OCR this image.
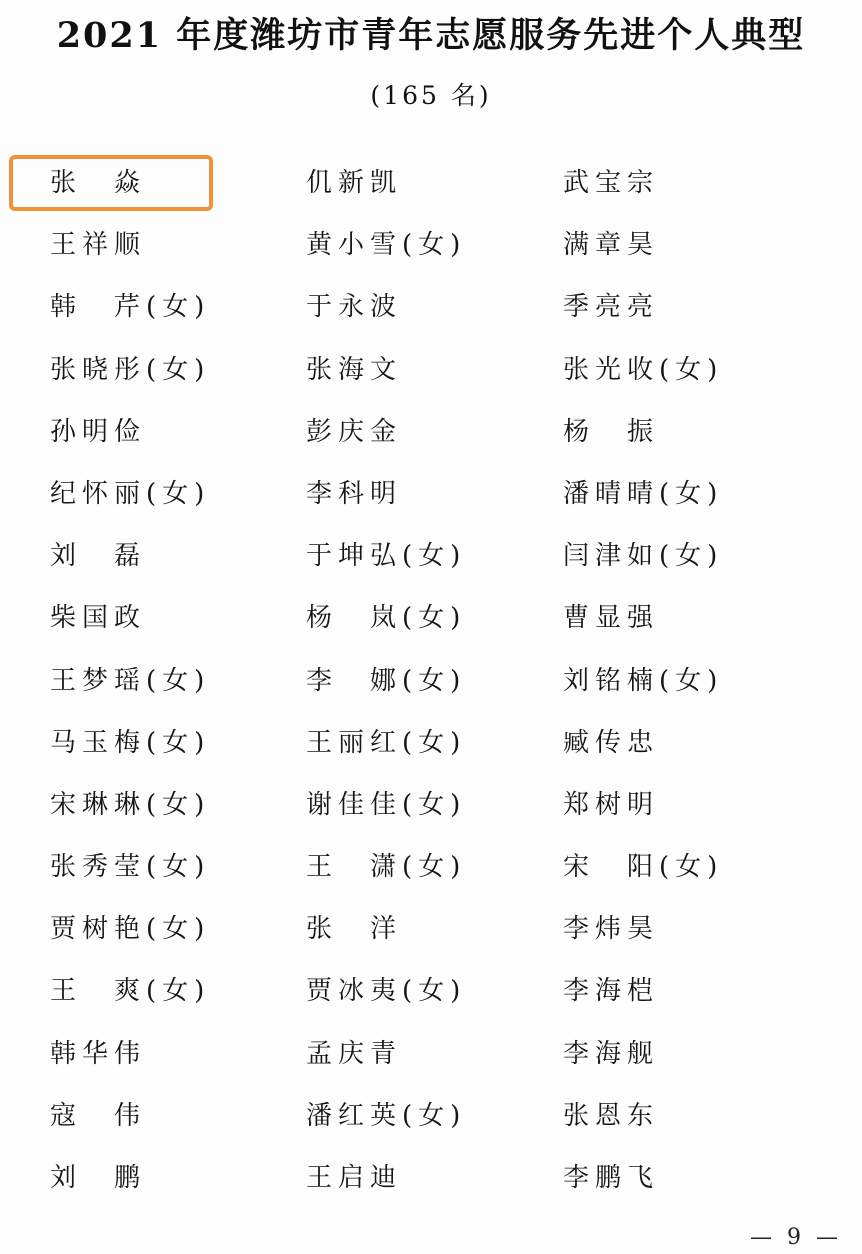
2021 年度潍坊市青年志愿服务先进个人典型
(165 名)
张　焱	仉新凯	武宝宗
王祥顺	黄小雪(女)	满章昊
韩　芹(女)	于永波	季亮亮
张晓彤(女)	张海文	张光收(女)
孙明俭	彭庆金	杨　振
纪怀丽(女)	李科明	潘晴晴(女)
刘　磊	于坤弘(女)	闫津如(女)
柴国政	杨　岚(女)	曹显强
王梦瑶(女)	李　娜(女)	刘铭楠(女)
马玉梅(女)	王丽红(女)	臧传忠
宋琳琳(女)	谢佳佳(女)	郑树明
张秀莹(女)	王　潇(女)	宋　阳(女)
贾树艳(女)	张　洋	李炜昊
王　爽(女)	贾冰夷(女)	李海桤
韩华伟	孟庆青	李海舰
寇　伟	潘红英(女)	张恩东
刘　鹏	王启迪	李鹏飞
— 9 —
